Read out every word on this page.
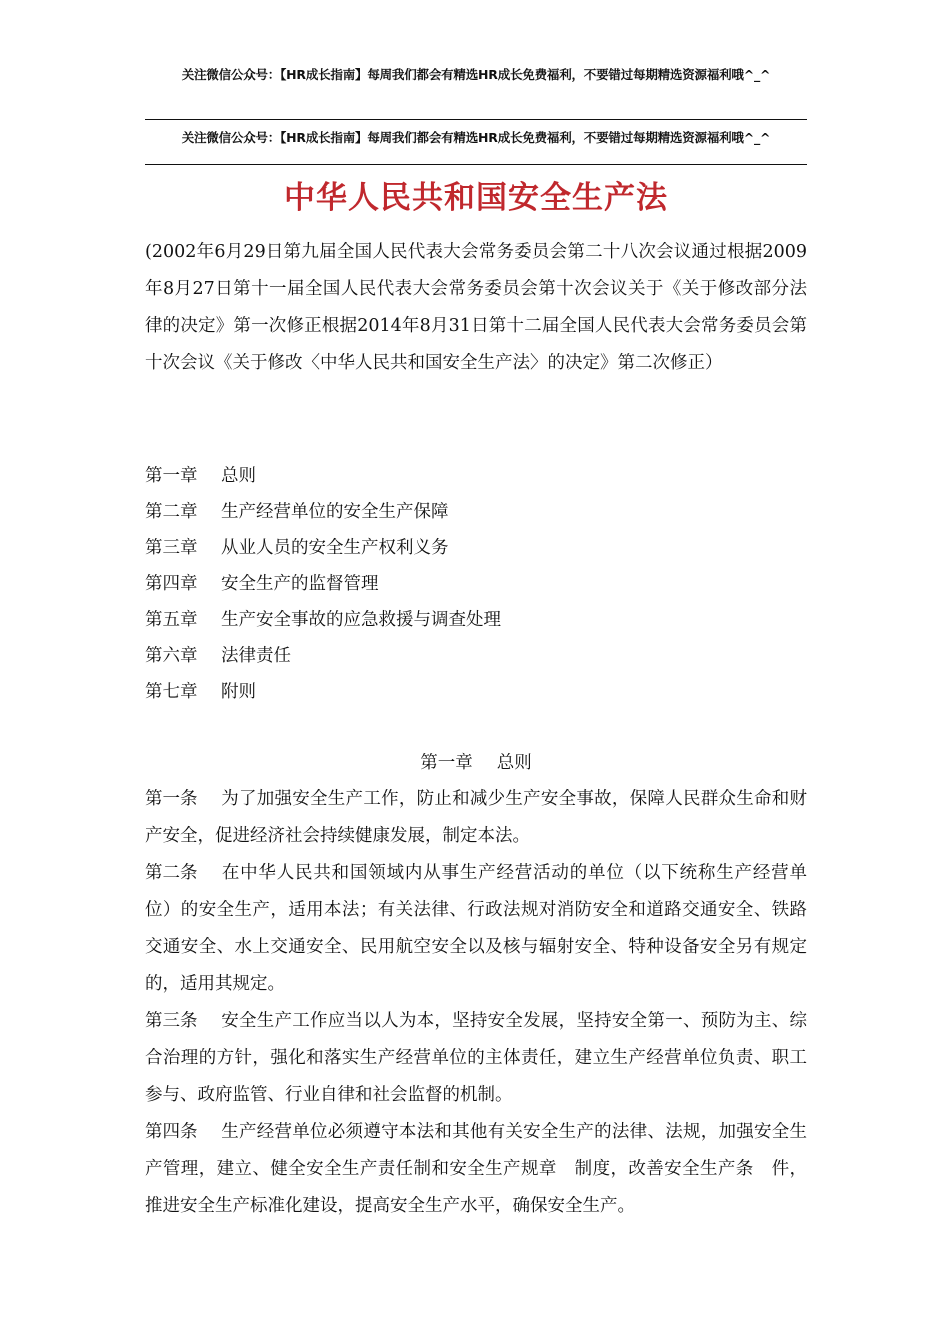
关注微信公众号：【HR成长指南】每周我们都会有精选HR成长免费福利，不要错过每期精选资源福利哦^_^
关注微信公众号：【HR成长指南】每周我们都会有精选HR成长免费福利，不要错过每期精选资源福利哦^_^
中华人民共和国安全生产法
(2002年6月29日第九届全国人民代表大会常务委员会第二十八次会议通过根据2009年8月27日第十一届全国人民代表大会常务委员会第十次会议关于《关于修改部分法律的决定》第一次修正根据2014年8月31日第十二届全国人民代表大会常务委员会第十次会议《关于修改〈中华人民共和国安全生产法〉的决定》第二次修正）
第一章 总则
第二章 生产经营单位的安全生产保障
第三章 从业人员的安全生产权利义务
第四章 安全生产的监督管理
第五章 生产安全事故的应急救援与调查处理
第六章 法律责任
第七章 附则
第一章 总则
第一条 为了加强安全生产工作，防止和减少生产安全事故，保障人民群众生命和财产安全，促进经济社会持续健康发展，制定本法。
第二条 在中华人民共和国领域内从事生产经营活动的单位（以下统称生产经营单位）的安全生产，适用本法；有关法律、行政法规对消防安全和道路交通安全、铁路交通安全、水上交通安全、民用航空安全以及核与辐射安全、特种设备安全另有规定的，适用其规定。
第三条 安全生产工作应当以人为本，坚持安全发展，坚持安全第一、预防为主、综合治理的方针，强化和落实生产经营单位的主体责任，建立生产经营单位负责、职工参与、政府监管、行业自律和社会监督的机制。
第四条 生产经营单位必须遵守本法和其他有关安全生产的法律、法规，加强安全生产管理，建立、健全安全生产责任制和安全生产规章　制度，改善安全生产条　件，推进安全生产标准化建设，提高安全生产水平，确保安全生产。
